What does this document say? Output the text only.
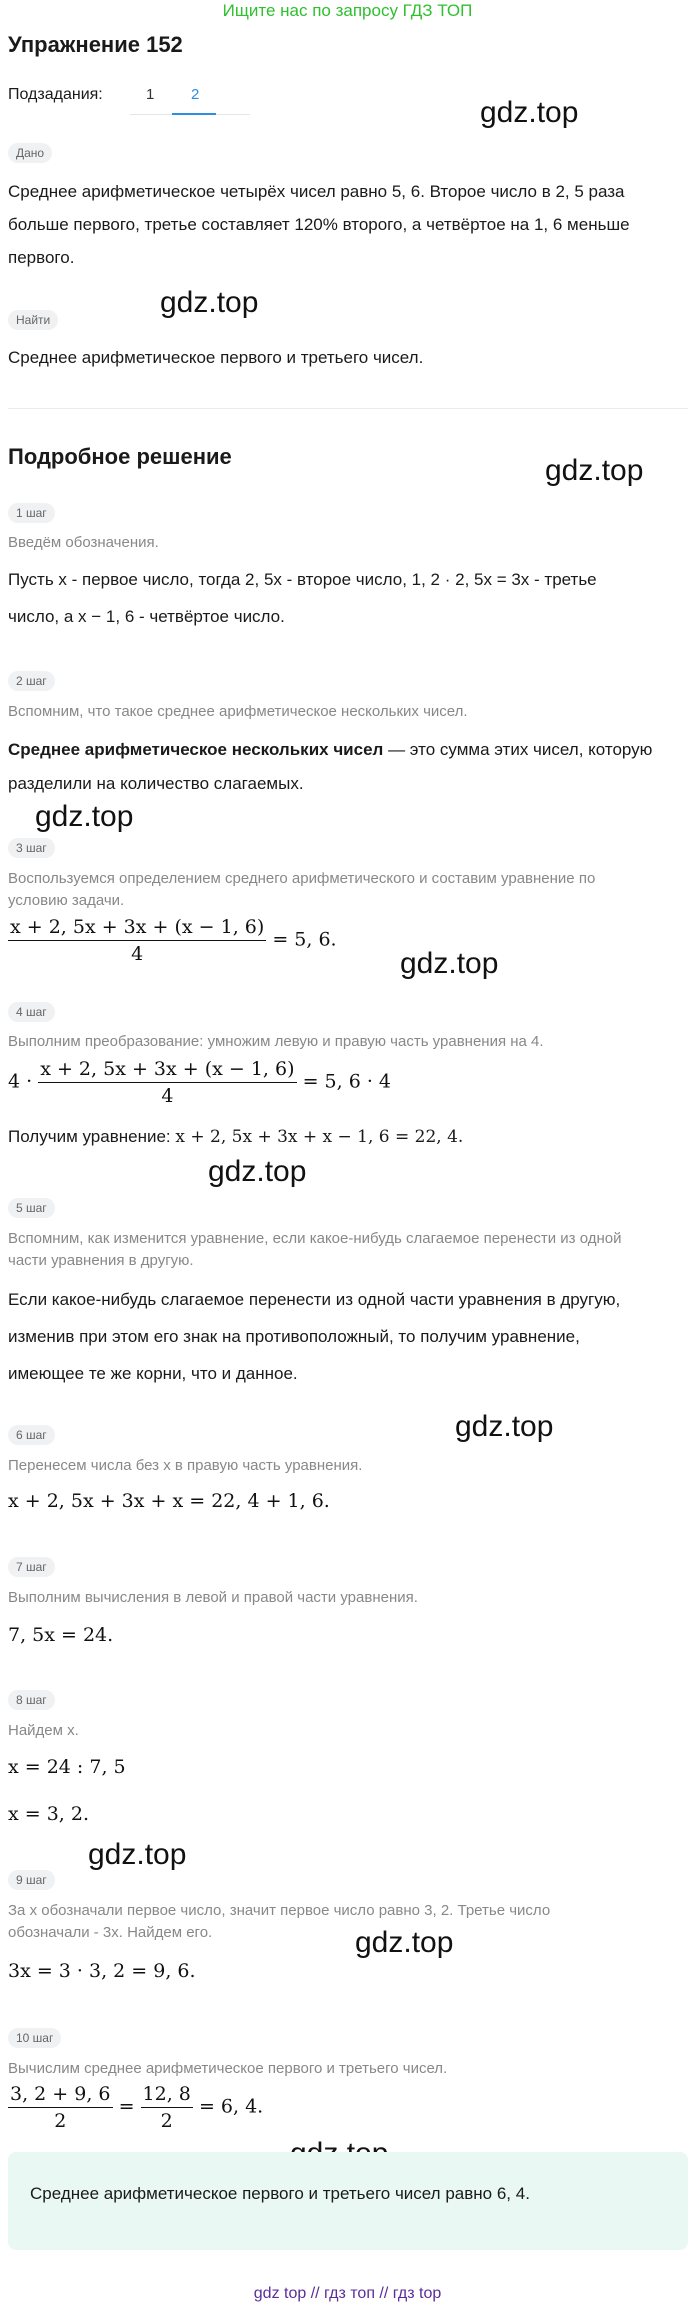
Ищите нас по запросу ГДЗ ТОП
Упражнение 152
Подзадания:	1 2
gdz.top
Дано
Среднее арифметическое четырёх чисел равно 5, 6. Второе число в 2, 5 раза
больше первого, третье составляет 120% второго, а четвёртое на 1, 6 меньше
первого.
gdz.top
Найти
Среднее арифметическое первого и третьего чисел.
Подробное решение	gdz.top
1 шаг
Введём обозначения.
Пусть x - первое число, тогда 2, 5x - второе число, 1, 2 · 2, 5x = 3x - третье
число, а x − 1, 6 - четвёртое число.
2 шаг
Вспомним, что такое среднее арифметическое нескольких чисел.
Среднее арифметическое нескольких чисел — это сумма этих чисел, которую
разделили на количество слагаемых.
gdz.top
3 шаг
Воспользуемся определением среднего арифметического и составим уравнение по
условию задачи.
$\frac{x + 2, 5x + 3x + (x - 1, 6)}{4} = 5$, 6.
gdz.top
4 шаг
Выполним преобразование: умножим левую и правую часть уравнения на 4.
$4 \cdot \frac{x + 2, 5x + 3x + (x - 1, 6)}{4} = 5$, 6 · 4
Получим уравнение: x + 2, 5x + 3x + x − 1, 6 = 22, 4.
gdz.top
5 шаг
Вспомним, как изменится уравнение, если какое-нибудь слагаемое перенести из одной
части уравнения в другую.
Если какое-нибудь слагаемое перенести из одной части уравнения в другую,
изменив при этом его знак на противоположный, то получим уравнение,
имеющее те же корни, что и данное.
gdz.top
6 шаг
Перенесем числа без x в правую часть уравнения.
x + 2, 5x + 3x + x = 22, 4 + 1, 6.
7 шаг
Выполним вычисления в левой и правой части уравнения.
7, 5x = 24.
8 шаг
Найдем x.
x = 24 : 7, 5
x = 3, 2.
gdz.top
9 шаг
За x обозначали первое число, значит первое число равно 3, 2. Третье число
обозначали - 3x. Найдем его.	gdz.top
3x = 3 · 3, 2 = 9, 6.
10 шаг
Вычислим среднее арифметическое первого и третьего чисел.
$\frac{3, 2 + 9, 6}{2} = \frac{12, 8}{2} = 6$, 4.
Среднее арифметическое первого и третьего чисел равно 6, 4.
gdz top // гдз топ // гдз top
